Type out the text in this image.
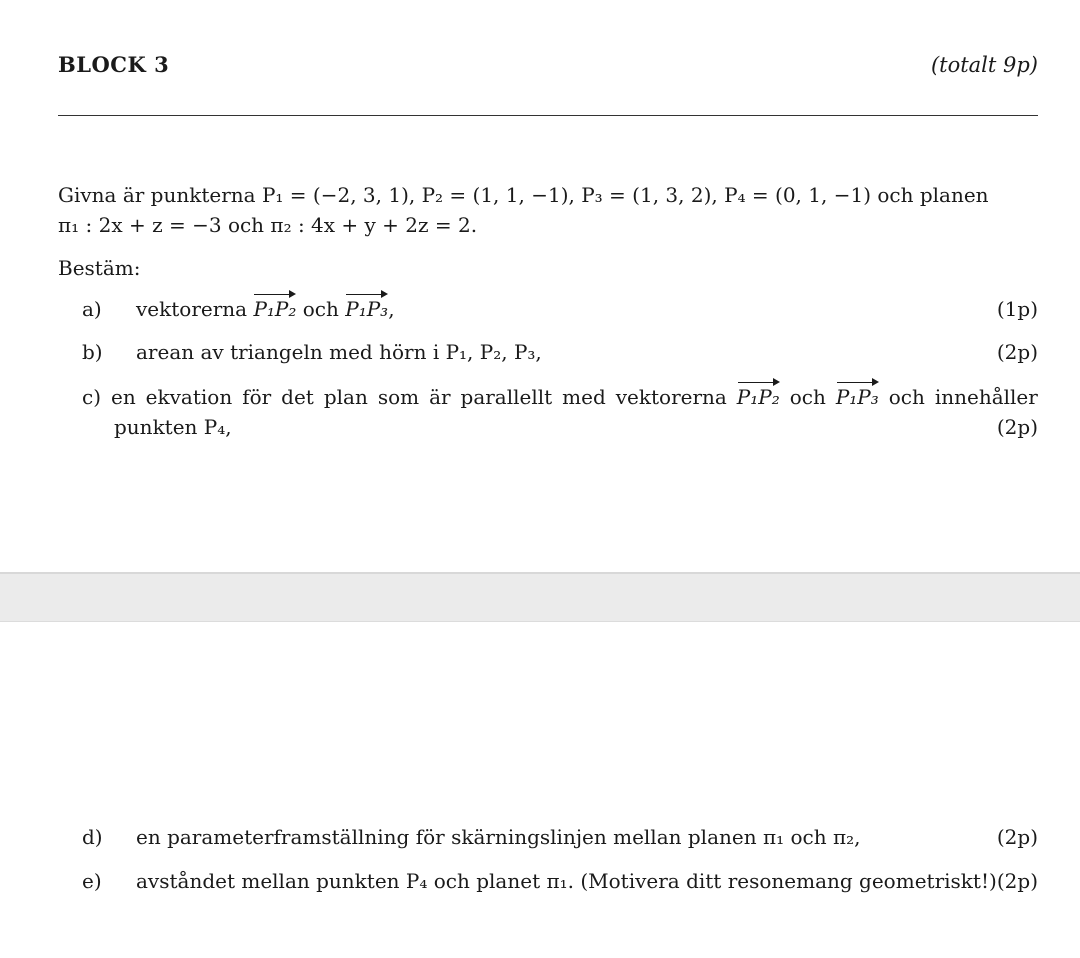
BLOCK 3	(totalt 9p)
Givna är punkterna P₁ = (−2, 3, 1), P₂ = (1, 1, −1), P₃ = (1, 3, 2), P₄ = (0, 1, −1) och planen
π₁ : 2x + z = −3 och π₂ : 4x + y + 2z = 2.
Bestäm:
a) vektorerna P₁P₂ och P₁P₃,	(1p)
b) arean av triangeln med hörn i P₁, P₂, P₃,	(2p)
c) en ekvation för det plan som är parallellt med vektorerna P₁P₂ och P₁P₃ och innehåller
punkten P₄,	(2p)
d) en parameterframställning för skärningslinjen mellan planen π₁ och π₂,	(2p)
e) avståndet mellan punkten P₄ och planet π₁. (Motivera ditt resonemang geometriskt!) (2p)
